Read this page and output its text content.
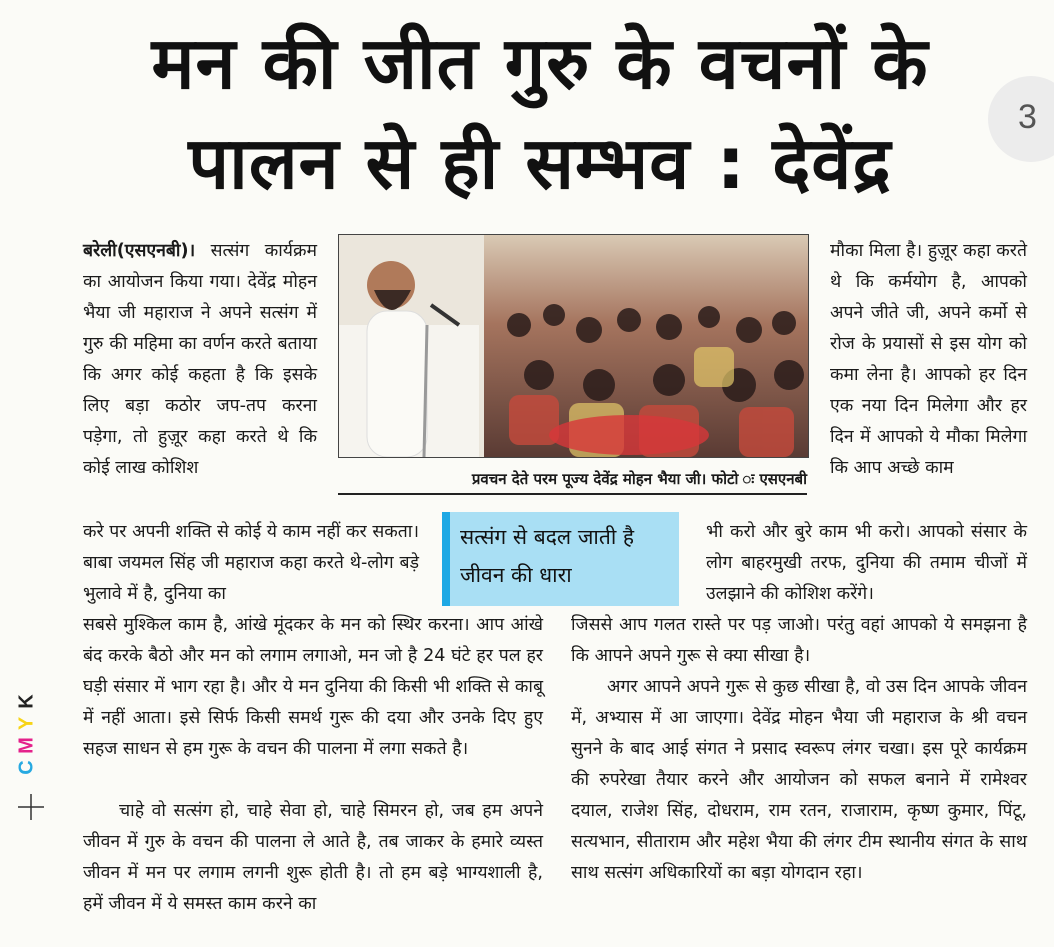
मन की जीत गुरु के वचनों के
पालन से ही सम्भव : देवेंद्र
3

बरेली(एसएनबी)। सत्संग कार्यक्रम का आयोजन किया गया। देवेंद्र मोहन भैया जी महाराज ने अपने सत्संग में गुरु की महिमा का वर्णन करते बताया कि अगर कोई कहता है कि इसके लिए बड़ा कठोर जप-तप करना पड़ेगा, तो हुज़ूर कहा करते थे कि कोई लाख कोशिश

करे पर अपनी शक्ति से कोई ये काम नहीं कर सकता। बाबा जयमल सिंह जी महाराज कहा करते थे-लोग बड़े भुलावे में है, दुनिया का

सबसे मुश्किल काम है, आंखे मूंदकर के मन को स्थिर करना। आप आंखे बंद करके बैठो और मन को लगाम लगाओ, मन जो है 24 घंटे हर पल हर घड़ी संसार में भाग रहा है। और ये मन दुनिया की किसी भी शक्ति से काबू में नहीं आता। इसे सिर्फ किसी समर्थ गुरू की दया और उनके दिए हुए सहज साधन से हम गुरू के वचन की पालना में लगा सकते है।

चाहे वो सत्संग हो, चाहे सेवा हो, चाहे सिमरन हो, जब हम अपने जीवन में गुरु के वचन की पालना ले आते है, तब जाकर के हमारे व्यस्त जीवन में मन पर लगाम लगनी शुरू होती है। तो हम बड़े भाग्यशाली है, हमें जीवन में ये समस्त काम करने का

प्रवचन देते परम पूज्य देवेंद्र मोहन भैया जी। फोटो ः एसएनबी

मौका मिला है। हुज़ूर कहा करते थे कि कर्मयोग है, आपको अपने जीते जी, अपने कर्मो से रोज के प्रयासों से इस योग को कमा लेना है। आपको हर दिन एक नया दिन मिलेगा और हर दिन में आपको ये मौका मिलेगा कि आप अच्छे काम

भी करो और बुरे काम भी करो। आपको संसार के लोग बाहरमुखी तरफ, दुनिया की तमाम चीजों में उलझाने की कोशिश करेंगे।

जिससे आप गलत रास्ते पर पड़ जाओ। परंतु वहां आपको ये समझना है कि आपने अपने गुरू से क्या सीखा है।

अगर आपने अपने गुरू से कुछ सीखा है, वो उस दिन आपके जीवन में, अभ्यास में आ जाएगा। देवेंद्र मोहन भैया जी महाराज के श्री वचन सुनने के बाद आई संगत ने प्रसाद स्वरूप लंगर चखा। इस पूरे कार्यक्रम की रुपरेखा तैयार करने और आयोजन को सफल बनाने में रामेश्वर दयाल, राजेश सिंह, दोधराम, राम रतन, राजाराम, कृष्ण कुमार, पिंटू, सत्यभान, सीताराम और महेश भैया की लंगर टीम स्थानीय संगत के साथ साथ सत्संग अधिकारियों का बड़ा योगदान रहा।

सत्संग से बदल जाती है जीवन की धारा
K
Y
M
C
